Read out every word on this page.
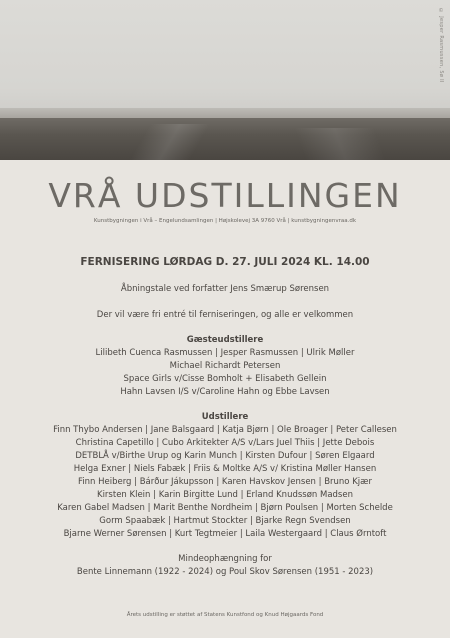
© Jesper Rasmussen, Sø II
VRÅ UDSTILLINGEN
Kunstbygningen i Vrå – Engelundsamlingen | Højskolevej 3A 9760 Vrå | kunstbygningenvraa.dk
FERNISERING LØRDAG D. 27. JULI 2024 KL. 14.00
Åbningstale ved forfatter Jens Smærup Sørensen
Der vil være fri entré til ferniseringen, og alle er velkommen
Gæsteudstillere
Lilibeth Cuenca Rasmussen | Jesper Rasmussen | Ulrik Møller
Michael Richardt Petersen
Space Girls v/Cisse Bomholt + Elisabeth Gellein
Hahn Lavsen I/S v/Caroline Hahn og Ebbe Lavsen
Udstillere
Finn Thybo Andersen | Jane Balsgaard | Katja Bjørn | Ole Broager | Peter Callesen
Christina Capetillo | Cubo Arkitekter A/S v/Lars Juel Thiis | Jette Debois
DETBLÅ v/Birthe Urup og Karin Munch | Kirsten Dufour | Søren Elgaard
Helga Exner | Niels Fabæk | Friis & Moltke A/S v/ Kristina Møller Hansen
Finn Heiberg | Bárður Jákupsson | Karen Havskov Jensen | Bruno Kjær
Kirsten Klein | Karin Birgitte Lund | Erland Knudssøn Madsen
Karen Gabel Madsen | Marit Benthe Nordheim | Bjørn Poulsen | Morten Schelde
Gorm Spaabæk | Hartmut Stockter | Bjarke Regn Svendsen
Bjarne Werner Sørensen | Kurt Tegtmeier | Laila Westergaard | Claus Ørntoft
Mindeophængning for
Bente Linnemann (1922 - 2024) og Poul Skov Sørensen (1951 - 2023)
Årets udstilling er støttet af Statens Kunstfond og Knud Højgaards Fond
